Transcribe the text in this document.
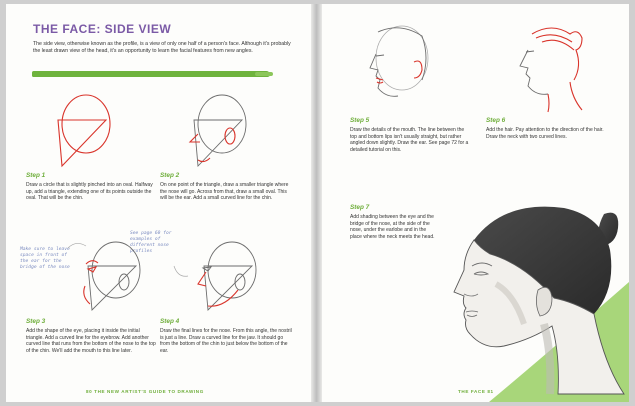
THE FACE: SIDE VIEW
The side view, otherwise known as the profile, is a view of only one half of a person's face. Although it's probably the least drawn view of the head, it's an opportunity to learn the facial features from new angles.
Step 1
Draw a circle that is slightly pinched into an oval. Halfway up, add a triangle, extending one of its points outside the oval. That will be the chin.
Step 2
On one point of the triangle, draw a smaller triangle where the nose will go. Across from that, draw a small oval. This will be the ear. Add a small curved line for the chin.
Make sure to leave space in front of the ear for the bridge of the nose
See page 60 for examples of different nose profiles
Step 3
Add the shape of the eye, placing it inside the initial triangle. Add a curved line for the eyebrow. Add another curved line that runs from the bottom of the nose to the top of the chin. We'll add the mouth to this line later.
Step 4
Draw the final lines for the nose. From this angle, the nostril is just a line. Draw a curved line for the jaw. It should go from the bottom of the chin to just below the bottom of the ear.
80 THE NEW ARTIST'S GUIDE TO DRAWING
Step 5
Draw the details of the mouth. The line between the top and bottom lips isn't usually straight, but rather angled down slightly. Draw the ear. See page 72 for a detailed tutorial on this.
Step 6
Add the hair. Pay attention to the direction of the hair. Draw the neck with two curved lines.
Step 7
Add shading between the eye and the bridge of the nose, at the side of the nose, under the earlobe and in the place where the neck meets the head.
THE FACE 81
